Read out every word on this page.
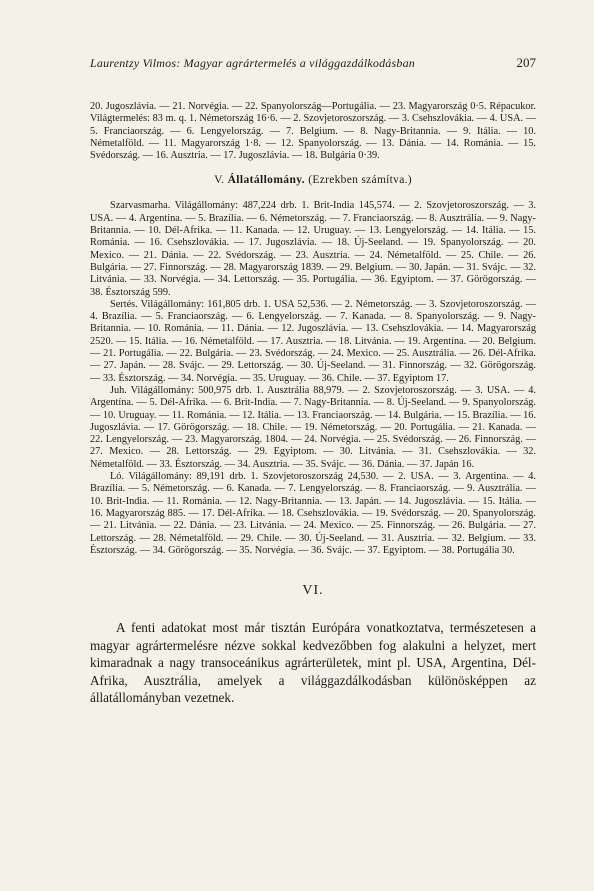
Laurentzy Vilmos: Magyar agrártermelés a világgazdálkodásban	207

20. Jugoszlávia. — 21. Norvégia. — 22. Spanyolország—Portugália. — 23. Magyarország 0·5. Répacukor. Világtermelés: 83 m. q. 1. Németország 16·6. — 2. Szovjetoroszország. — 3. Csehszlovákia. — 4. USA. — 5. Franciaország. — 6. Lengyelország. — 7. Belgium. — 8. Nagy-Britannia. — 9. Itália. — 10. Németalföld. — 11. Magyarország 1·8. — 12. Spanyolország. — 13. Dánia. — 14. Románia. — 15. Svédország. — 16. Ausztria. — 17. Jugoszlávia. — 18. Bulgária 0·39.

V. Állatállomány. (Ezrekben számítva.)

Szarvasmarha. Világállomány: 487,224 drb. 1. Brit-India 145,574. — 2. Szovjetoroszország. — 3. USA. — 4. Argentina. — 5. Brazília. — 6. Németország. — 7. Franciaország. — 8. Ausztrália. — 9. Nagy-Britannia. — 10. Dél-Afrika. — 11. Kanada. — 12. Uruguay. — 13. Lengyelország. — 14. Itália. — 15. Románia. — 16. Csehszlovákia. — 17. Jugoszlávia. — 18. Új-Seeland. — 19. Spanyolország. — 20. Mexico. — 21. Dánia. — 22. Svédország. — 23. Ausztria. — 24. Németalföld. — 25. Chile. — 26. Bulgária. — 27. Finnország. — 28. Magyarország 1839. — 29. Belgium. — 30. Japán. — 31. Svájc. — 32. Litvánia. — 33. Norvégia. — 34. Lettország. — 35. Portugália. — 36. Egyiptom. — 37. Görögország. — 38. Észtország 599.

Sertés. Világállomány: 161,805 drb. 1. USA 52,536. — 2. Németország. — 3. Szovjetoroszország. — 4. Brazília. — 5. Franciaország. — 6. Lengyelország. — 7. Kanada. — 8. Spanyolország. — 9. Nagy-Britannia. — 10. Románia. — 11. Dánia. — 12. Jugoszlávia. — 13. Csehszlovákia. — 14. Magyarország 2520. — 15. Itália. — 16. Németalföld. — 17. Ausztria. — 18. Litvánia. — 19. Argentína. — 20. Belgium. — 21. Portugália. — 22. Bulgária. — 23. Svédország. — 24. Mexico. — 25. Ausztrália. — 26. Dél-Afrika. — 27. Japán. — 28. Svájc. — 29. Lettország. — 30. Új-Seeland. — 31. Finnország. — 32. Görögország. — 33. Észtország. — 34. Norvégia. — 35. Uruguay. — 36. Chile. — 37. Egyiptom 17.

Juh. Világállomány: 500,975 drb. 1. Ausztrália 88,979. — 2. Szovjetoroszország. — 3. USA. — 4. Argentína. — 5. Dél-Afrika. — 6. Brit-India. — 7. Nagy-Britannia. — 8. Új-Seeland. — 9. Spanyolország. — 10. Uruguay. — 11. Románia. — 12. Itália. — 13. Franciaország. — 14. Bulgária. — 15. Brazília. — 16. Jugoszlávia. — 17. Görögország. — 18. Chile. — 19. Németország. — 20. Portugália. — 21. Kanada. — 22. Lengyelország. — 23. Magyarország. 1804. — 24. Norvégia. — 25. Svédország. — 26. Finnország. — 27. Mexico. — 28. Lettország. — 29. Egyiptom. — 30. Litvánia. — 31. Csehszlovákia. — 32. Németalföld. — 33. Észtország. — 34. Ausztria. — 35. Svájc. — 36. Dánia. — 37. Japán 16.

Ló. Világállomány: 89,191 drb. 1. Szovjetoroszország 24,530. — 2. USA. — 3. Argentina. — 4. Brazília. — 5. Németország. — 6. Kanada. — 7. Lengyelország. — 8. Franciaország. — 9. Ausztrália. — 10. Brit-India. — 11. Románia. — 12. Nagy-Britannia. — 13. Japán. — 14. Jugoszlávia. — 15. Itália. — 16. Magyarország 885. — 17. Dél-Afrika. — 18. Csehszlovákia. — 19. Svédország. — 20. Spanyolország. — 21. Litvánia. — 22. Dánia. — 23. Litvánia. — 24. Mexico. — 25. Finnország. — 26. Bulgária. — 27. Lettország. — 28. Németalföld. — 29. Chile. — 30. Új-Seeland. — 31. Ausztria. — 32. Belgium. — 33. Észtország. — 34. Görögország. — 35. Norvégia. — 36. Svájc. — 37. Egyiptom. — 38. Portugália 30.

VI.

A fenti adatokat most már tisztán Európára vonatkoztatva, természetesen a magyar agrártermelésre nézve sokkal kedvezőbben fog alakulni a helyzet, mert kimaradnak a nagy transoceánikus agrárterületek, mint pl. USA, Argentina, Dél-Afrika, Ausztrália, amelyek a világgazdálkodásban különösképpen az állatállományban vezetnek.
